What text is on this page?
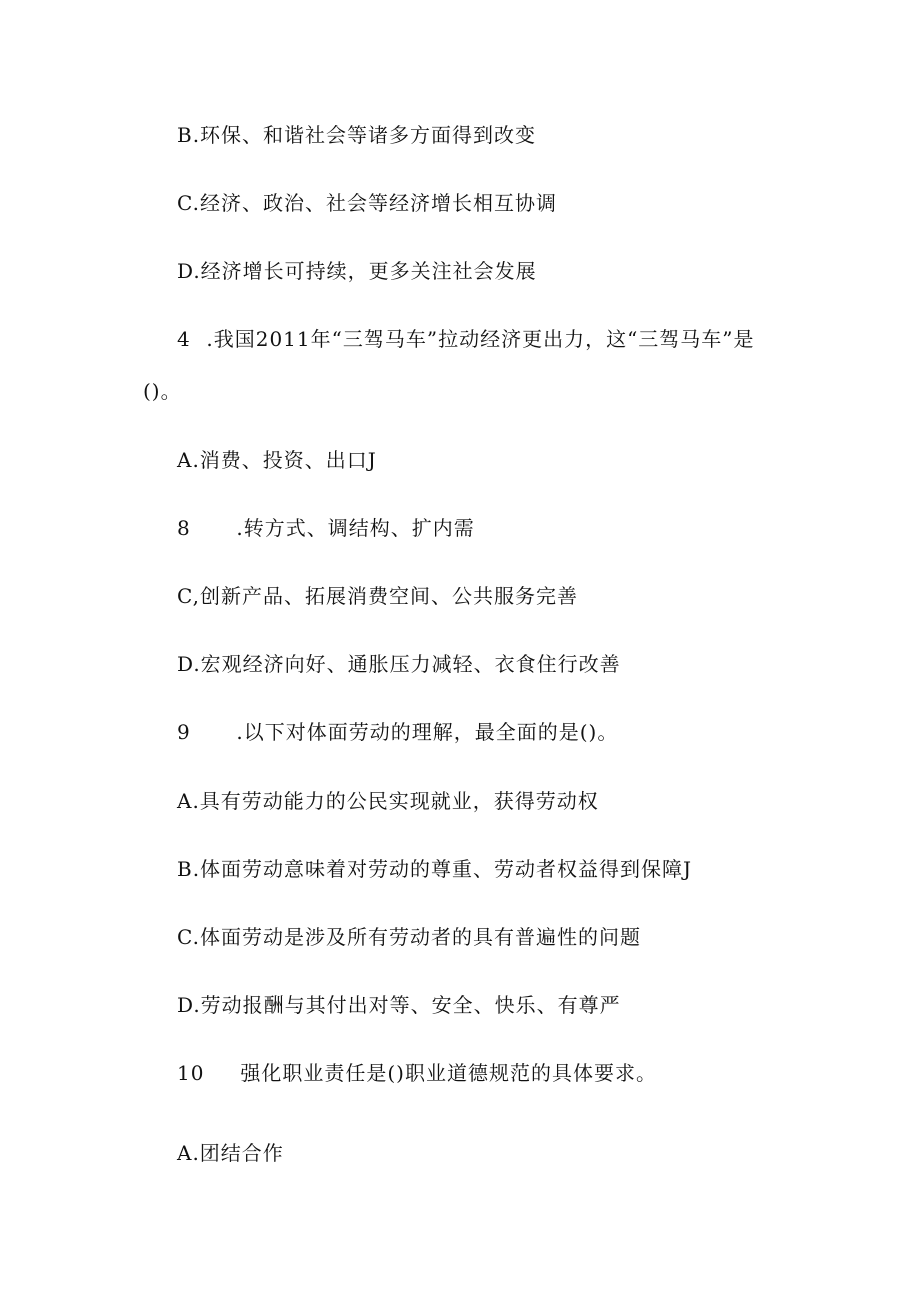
B.环保、和谐社会等诸多方面得到改变
C.经济、政治、社会等经济增长相互协调
D.经济增长可持续，更多关注社会发展
4 .我国2011年“三驾马车”拉动经济更出力，这“三驾马车”是
()。
A.消费、投资、出口J
8 .转方式、调结构、扩内需
C,创新产品、拓展消费空间、公共服务完善
D.宏观经济向好、通胀压力减轻、衣食住行改善
9 .以下对体面劳动的理解，最全面的是()。
A.具有劳动能力的公民实现就业，获得劳动权
B.体面劳动意味着对劳动的尊重、劳动者权益得到保障J
C.体面劳动是涉及所有劳动者的具有普遍性的问题
D.劳动报酬与其付出对等、安全、快乐、有尊严
10 强化职业责任是()职业道德规范的具体要求。
A.团结合作
